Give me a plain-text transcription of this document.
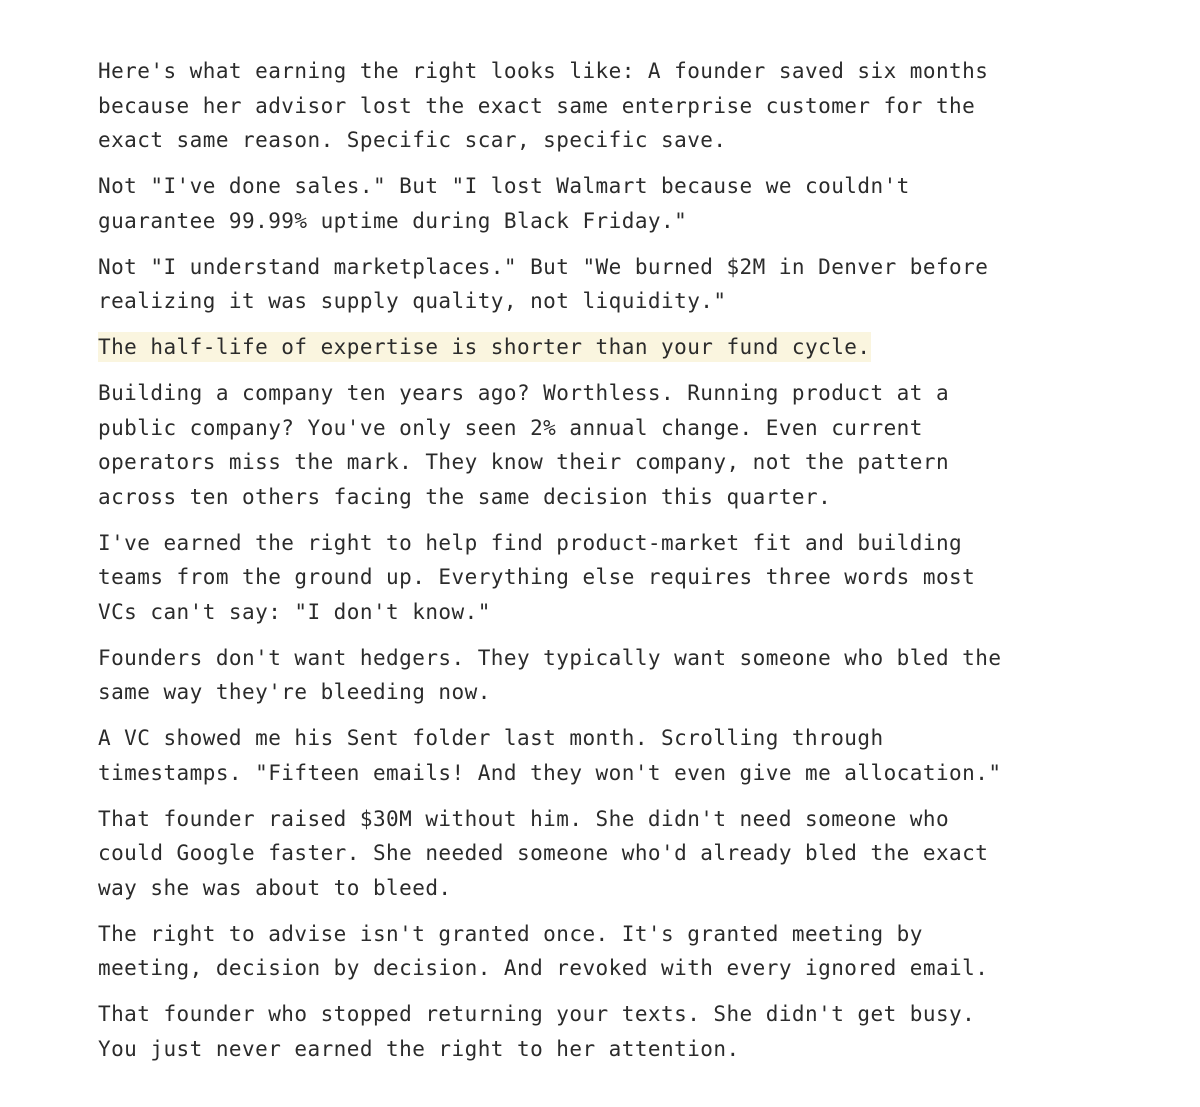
Here's what earning the right looks like: A founder saved six months
because her advisor lost the exact same enterprise customer for the
exact same reason. Specific scar, specific save.

Not "I've done sales." But "I lost Walmart because we couldn't
guarantee 99.99% uptime during Black Friday."

Not "I understand marketplaces." But "We burned $2M in Denver before
realizing it was supply quality, not liquidity."

The half-life of expertise is shorter than your fund cycle.

Building a company ten years ago? Worthless. Running product at a
public company? You've only seen 2% annual change. Even current
operators miss the mark. They know their company, not the pattern
across ten others facing the same decision this quarter.

I've earned the right to help find product-market fit and building
teams from the ground up. Everything else requires three words most
VCs can't say: "I don't know."

Founders don't want hedgers. They typically want someone who bled the
same way they're bleeding now.

A VC showed me his Sent folder last month. Scrolling through
timestamps. "Fifteen emails! And they won't even give me allocation."

That founder raised $30M without him. She didn't need someone who
could Google faster. She needed someone who'd already bled the exact
way she was about to bleed.

The right to advise isn't granted once. It's granted meeting by
meeting, decision by decision. And revoked with every ignored email.

That founder who stopped returning your texts. She didn't get busy.
You just never earned the right to her attention.
